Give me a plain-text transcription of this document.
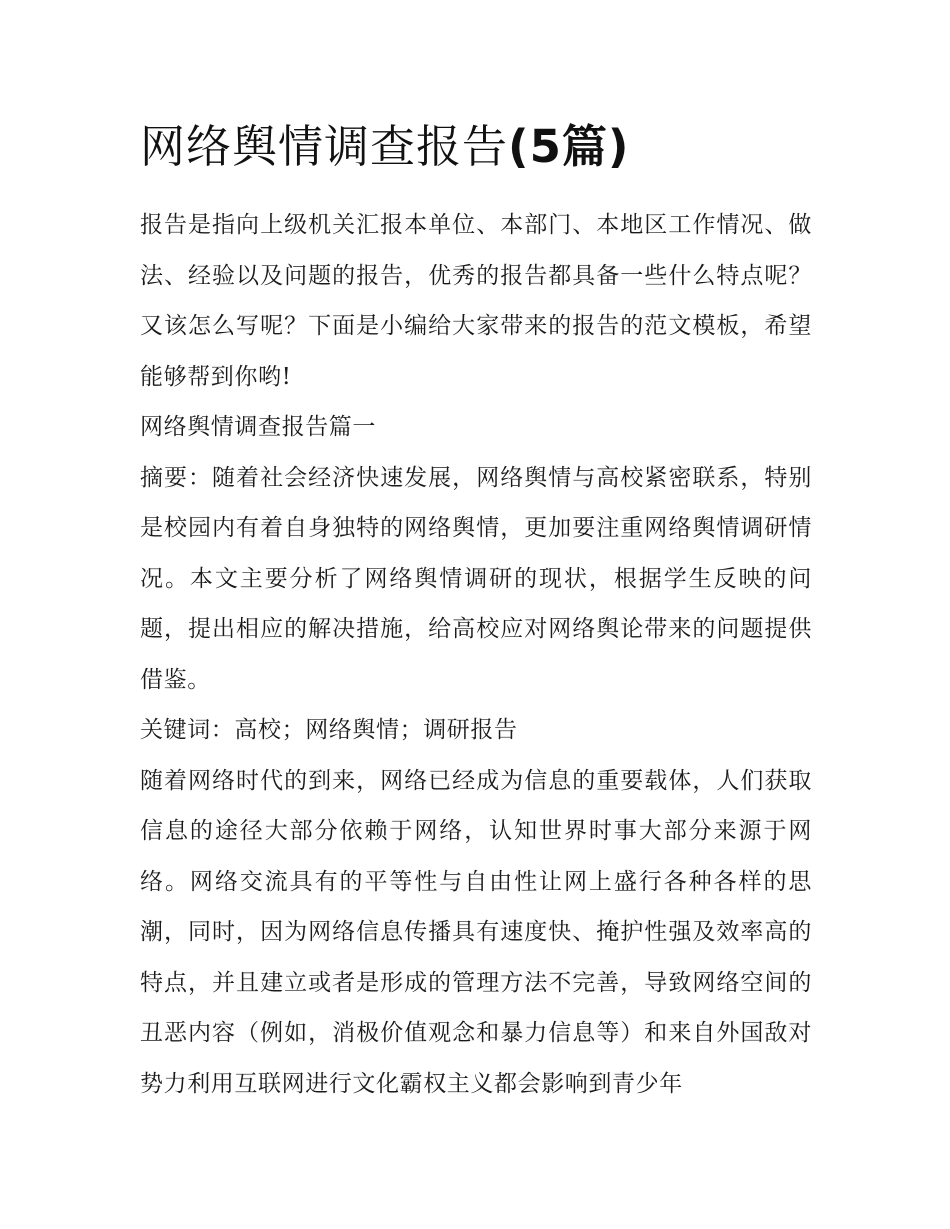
网络舆情调查报告(5篇)

报告是指向上级机关汇报本单位、本部门、本地区工作情况、做法、经验以及问题的报告，优秀的报告都具备一些什么特点呢？又该怎么写呢？下面是小编给大家带来的报告的范文模板，希望能够帮到你哟!

网络舆情调查报告篇一

摘要：随着社会经济快速发展，网络舆情与高校紧密联系，特别是校园内有着自身独特的网络舆情，更加要注重网络舆情调研情况。本文主要分析了网络舆情调研的现状，根据学生反映的问题，提出相应的解决措施，给高校应对网络舆论带来的问题提供借鉴。

关键词：高校；网络舆情；调研报告

随着网络时代的到来，网络已经成为信息的重要载体，人们获取信息的途径大部分依赖于网络，认知世界时事大部分来源于网络。网络交流具有的平等性与自由性让网上盛行各种各样的思潮，同时，因为网络信息传播具有速度快、掩护性强及效率高的特点，并且建立或者是形成的管理方法不完善，导致网络空间的丑恶内容（例如，消极价值观念和暴力信息等）和来自外国敌对势力利用互联网进行文化霸权主义都会影响到青少年
